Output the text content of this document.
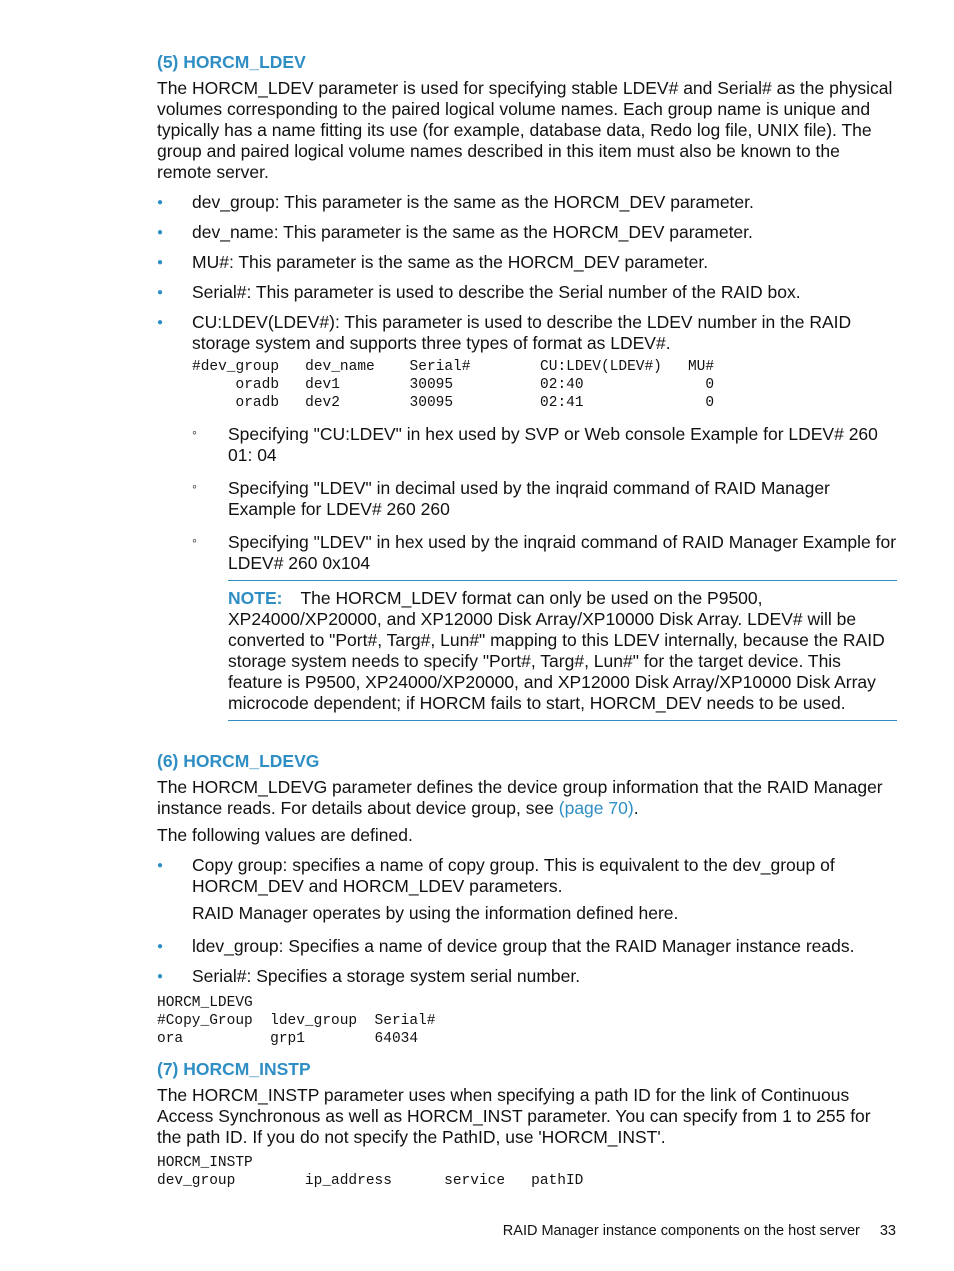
(5) HORCM_LDEV

The HORCM_LDEV parameter is used for specifying stable LDEV# and Serial# as the physical volumes corresponding to the paired logical volume names. Each group name is unique and typically has a name fitting its use (for example, database data, Redo log file, UNIX file). The group and paired logical volume names described in this item must also be known to the remote server.

● dev_group: This parameter is the same as the HORCM_DEV parameter.
● dev_name: This parameter is the same as the HORCM_DEV parameter.
● MU#: This parameter is the same as the HORCM_DEV parameter.
● Serial#: This parameter is used to describe the Serial number of the RAID box.
● CU:LDEV(LDEV#): This parameter is used to describe the LDEV number in the RAID storage system and supports three types of format as LDEV#.
#dev_group   dev_name    Serial#        CU:LDEV(LDEV#)   MU#
oradb   dev1        30095          02:40              0
oradb   dev2        30095          02:41              0
◦ Specifying "CU:LDEV" in hex used by SVP or Web console Example for LDEV# 260 01: 04
◦ Specifying "LDEV" in decimal used by the inqraid command of RAID Manager Example for LDEV# 260 260
◦ Specifying "LDEV" in hex used by the inqraid command of RAID Manager Example for LDEV# 260 0x104

NOTE: The HORCM_LDEV format can only be used on the P9500, XP24000/XP20000, and XP12000 Disk Array/XP10000 Disk Array. LDEV# will be converted to "Port#, Targ#, Lun#" mapping to this LDEV internally, because the RAID storage system needs to specify "Port#, Targ#, Lun#" for the target device. This feature is P9500, XP24000/XP20000, and XP12000 Disk Array/XP10000 Disk Array microcode dependent; if HORCM fails to start, HORCM_DEV needs to be used.

(6) HORCM_LDEVG

The HORCM_LDEVG parameter defines the device group information that the RAID Manager instance reads. For details about device group, see (page 70).

The following values are defined.

● Copy group: specifies a name of copy group. This is equivalent to the dev_group of HORCM_DEV and HORCM_LDEV parameters.

RAID Manager operates by using the information defined here.

● ldev_group: Specifies a name of device group that the RAID Manager instance reads.
● Serial#: Specifies a storage system serial number.
HORCM_LDEVG
#Copy_Group  ldev_group  Serial#
ora          grp1        64034
(7) HORCM_INSTP

The HORCM_INSTP parameter uses when specifying a path ID for the link of Continuous Access Synchronous as well as HORCM_INST parameter. You can specify from 1 to 255 for the path ID. If you do not specify the PathID, use 'HORCM_INST'.

HORCM_INSTP
dev_group        ip_address      service   pathID
RAID Manager instance components on the host server 33
